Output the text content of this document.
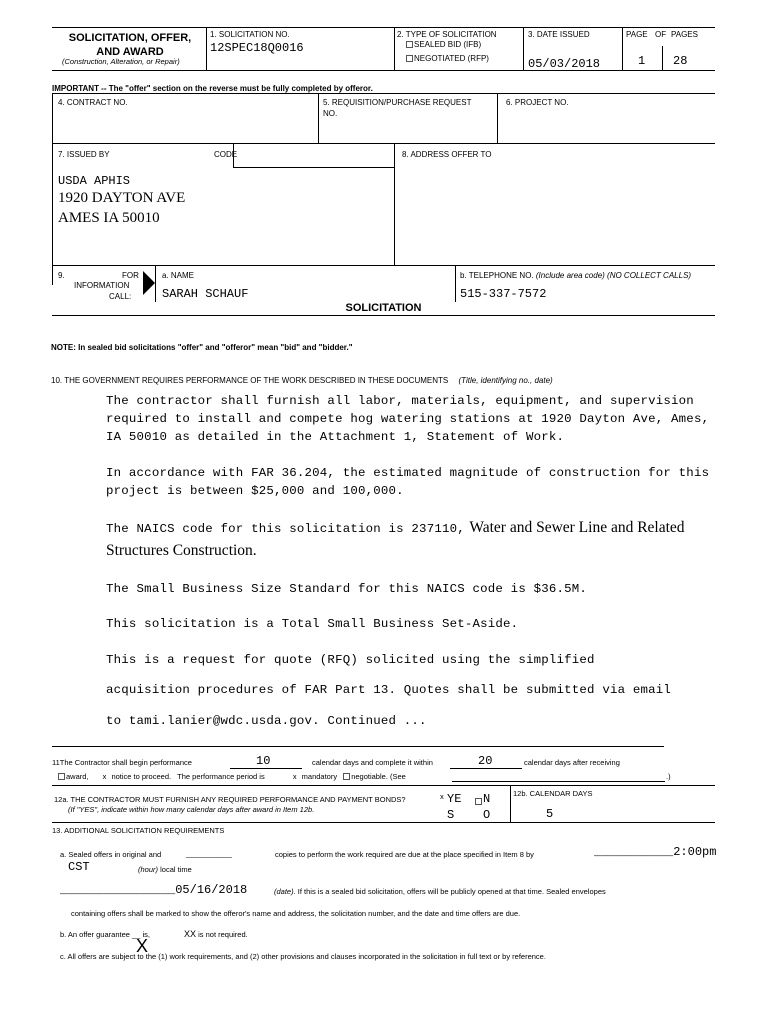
SOLICITATION, OFFER,
AND AWARD
(Construction, Alteration, or Repair)
1. SOLICITATION NO.
12SPEC18Q0016
2. TYPE OF SOLICITATION
SEALED BID (IFB)
NEGOTIATED (RFP)
3. DATE ISSUED
05/03/2018
PAGE OF PAGES
1 28
IMPORTANT -- The "offer" section on the reverse must be fully completed by offeror.
4. CONTRACT NO.	5. REQUISITION/PURCHASE REQUEST
NO.
6. PROJECT NO.
7. ISSUED BY	CODE	8. ADDRESS OFFER TO
USDA APHIS
1920 DAYTON AVE
AMES IA 50010
9.	FOR
INFORMATION
CALL:
a. NAME
SARAH SCHAUF
b. TELEPHONE NO. (Include area code) (NO COLLECT CALLS)
515-337-7572
SOLICITATION
NOTE: In sealed bid solicitations "offer" and "offeror" mean "bid" and "bidder."
10. THE GOVERNMENT REQUIRES PERFORMANCE OF THE WORK DESCRIBED IN THESE DOCUMENTS (Title, identifying no., date)
The contractor shall furnish all labor, materials, equipment, and supervision
required to install and compete hog watering stations at 1920 Dayton Ave, Ames,
IA 50010 as detailed in the Attachment 1, Statement of Work.
In accordance with FAR 36.204, the estimated magnitude of construction for this
project is between $25,000 and 100,000.
The NAICS code for this solicitation is 237110, Water and Sewer Line and Related
Structures Construction.
The Small Business Size Standard for this NAICS code is $36.5M.
This solicitation is a Total Small Business Set-Aside.
This is a request for quote (RFQ) solicited using the simplified
acquisition procedures of FAR Part 13. Quotes shall be submitted via email
to tami.lanier@wdc.usda.gov. Continued ...
11The Contractor shall begin performance	10	calendar days and complete it within	20	calendar days after receiving
award, x notice to proceed. The performance period is	x mandatory negotiable. (See	.)
12a. THE CONTRACTOR MUST FURNISH ANY REQUIRED PERFORMANCE AND PAYMENT BONDS?
(If "YES", indicate within how many calendar days after award in Item 12b.
x YE
S
N
O
12b. CALENDAR DAYS
5
13. ADDITIONAL SOLICITATION REQUIREMENTS
a. Sealed offers in original and	___________	copies to perform the work required are due at the place specified in Item 8 by	___________2:00pm
CST	(hour) local time
________________05/16/2018	(date). If this is a sealed bid solicitation, offers will be publicly opened at that time. Sealed envelopes
containing offers shall be marked to show the offeror's name and address, the solicitation number, and the date and time offers are due.
b. An offer guarantee __ is,	XX is not required.
X
c. All offers are subject to the (1) work requirements, and (2) other provisions and clauses incorporated in the solicitation in full text or by reference.
